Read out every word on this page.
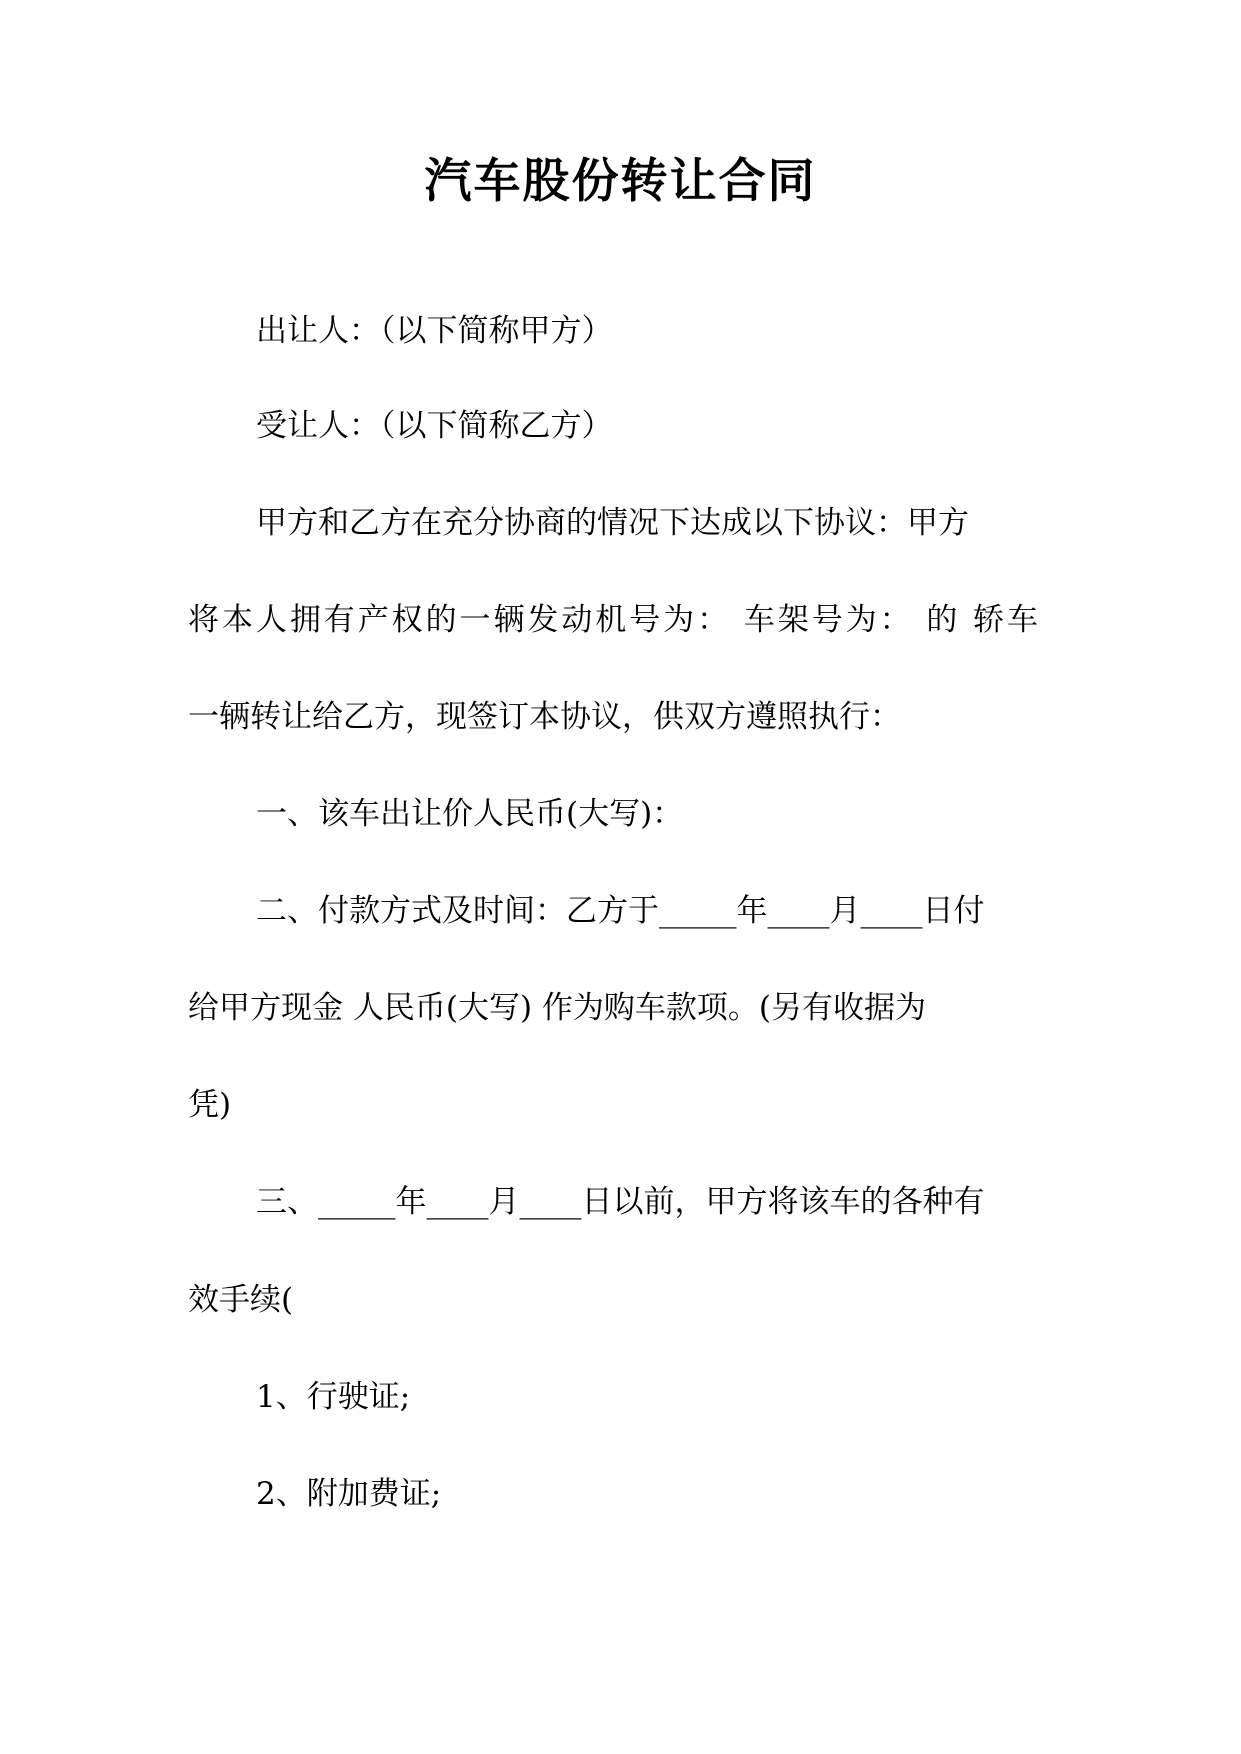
汽车股份转让合同

出让人：（以下简称甲方）

受让人：（以下简称乙方）

甲方和乙方在充分协商的情况下达成以下协议：甲方

将本人拥有产权的一辆发动机号为： 车架号为： 的 轿车

一辆转让给乙方，现签订本协议，供双方遵照执行：

一、该车出让价人民币(大写)：

二、付款方式及时间：乙方于_____年____月____日付

给甲方现金 人民币(大写) 作为购车款项。(另有收据为

凭)

三、_____年____月____日以前，甲方将该车的各种有

效手续(

1、行驶证;

2、附加费证;
